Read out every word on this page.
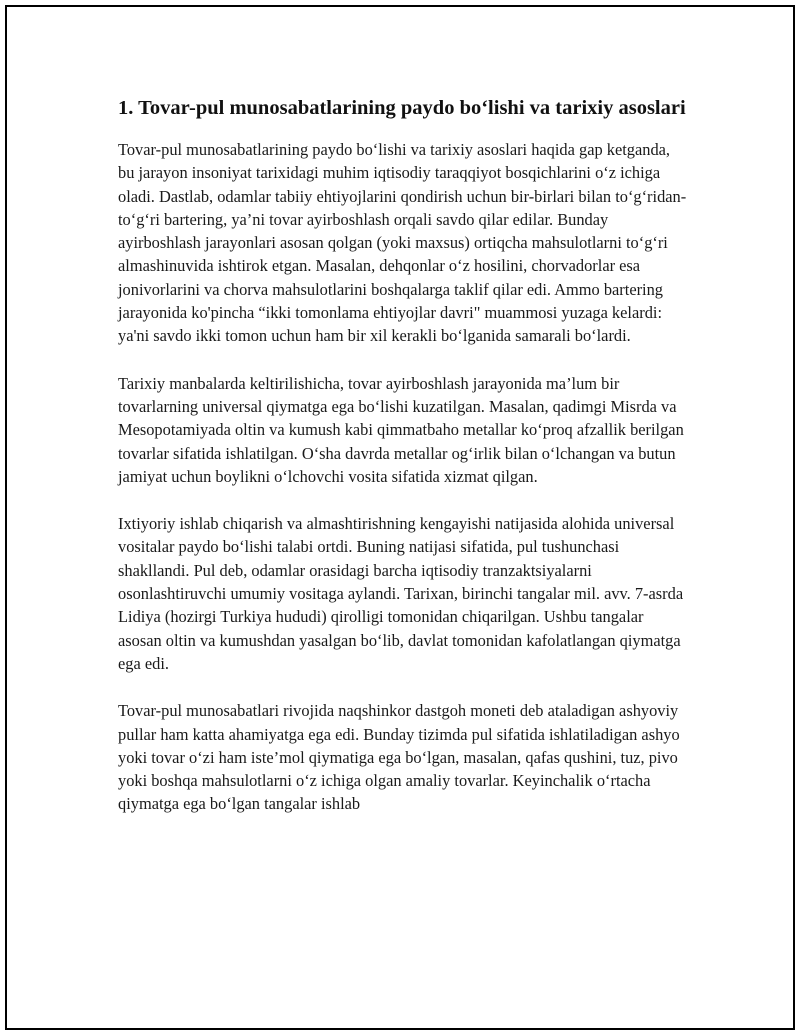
1. Tovar-pul munosabatlarining paydo bo‘lishi va tarixiy asoslari

Tovar-pul munosabatlarining paydo bo‘lishi va tarixiy asoslari haqida gap ketganda, bu jarayon insoniyat tarixidagi muhim iqtisodiy taraqqiyot bosqichlarini o‘z ichiga oladi. Dastlab, odamlar tabiiy ehtiyojlarini qondirish uchun bir-birlari bilan to‘g‘ridan-to‘g‘ri bartering, ya’ni tovar ayirboshlash orqali savdo qilar edilar. Bunday ayirboshlash jarayonlari asosan qolgan (yoki maxsus) ortiqcha mahsulotlarni to‘g‘ri almashinuvida ishtirok etgan. Masalan, dehqonlar o‘z hosilini, chorvadorlar esa jonivorlarini va chorva mahsulotlarini boshqalarga taklif qilar edi. Ammo bartering jarayonida ko'pincha “ikki tomonlama ehtiyojlar davri" muammosi yuzaga kelardi: ya'ni savdo ikki tomon uchun ham bir xil kerakli bo‘lganida samarali bo‘lardi.

Tarixiy manbalarda keltirilishicha, tovar ayirboshlash jarayonida ma’lum bir tovarlarning universal qiymatga ega bo‘lishi kuzatilgan. Masalan, qadimgi Misrda va Mesopotamiyada oltin va kumush kabi qimmatbaho metallar ko‘proq afzallik berilgan tovarlar sifatida ishlatilgan. O‘sha davrda metallar og‘irlik bilan o‘lchangan va butun jamiyat uchun boylikni o‘lchovchi vosita sifatida xizmat qilgan.

Ixtiyoriy ishlab chiqarish va almashtirishning kengayishi natijasida alohida universal vositalar paydo bo‘lishi talabi ortdi. Buning natijasi sifatida, pul tushunchasi shakllandi. Pul deb, odamlar orasidagi barcha iqtisodiy tranzaktsiyalarni osonlashtiruvchi umumiy vositaga aylandi. Tarixan, birinchi tangalar mil. avv. 7-asrda Lidiya (hozirgi Turkiya hududi) qirolligi tomonidan chiqarilgan. Ushbu tangalar asosan oltin va kumushdan yasalgan bo‘lib, davlat tomonidan kafolatlangan qiymatga ega edi.

Tovar-pul munosabatlari rivojida naqshinkor dastgoh moneti deb ataladigan ashyoviy pullar ham katta ahamiyatga ega edi. Bunday tizimda pul sifatida ishlatiladigan ashyo yoki tovar o‘zi ham iste’mol qiymatiga ega bo‘lgan, masalan, qafas qushini, tuz, pivo yoki boshqa mahsulotlarni o‘z ichiga olgan amaliy tovarlar. Keyinchalik o‘rtacha qiymatga ega bo‘lgan tangalar ishlab
